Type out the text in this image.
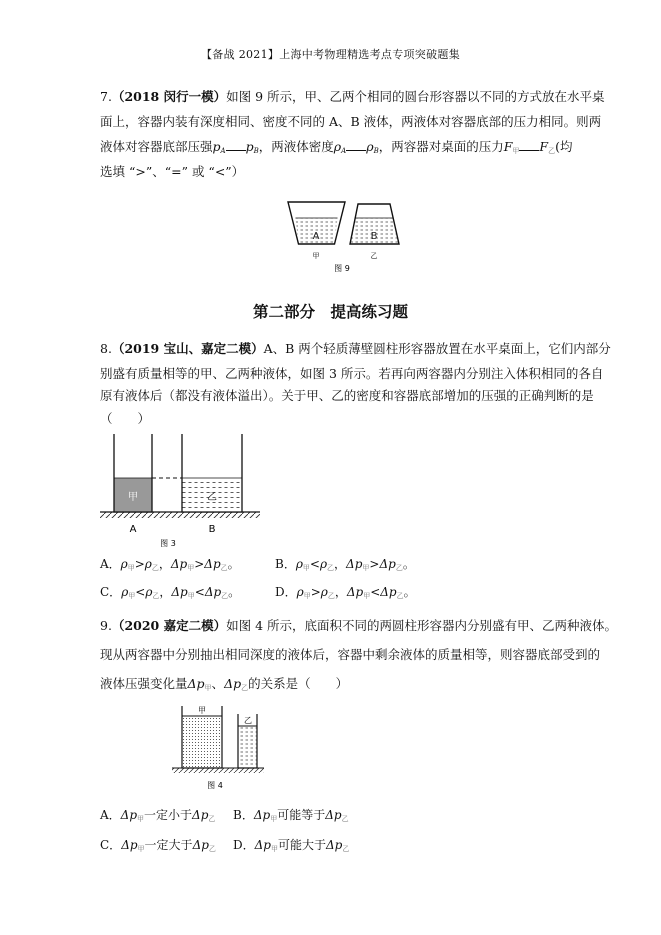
【备战 2021】上海中考物理精选考点专项突破题集
7.（2018 闵行一模）如图 9 所示，甲、乙两个相同的圆台形容器以不同的方式放在水平桌
面上，容器内装有深度相同、密度不同的 A、B 液体，两液体对容器底部的压力相同。则两
液体对容器底部压强pA pB，两液体密度ρA ρB，两容器对桌面的压力$F_甲$ $F_乙$(均
选填 “>”、“=” 或 “<”）
A	B
甲	乙
图 9
第二部分　提高练习题
8.（2019 宝山、嘉定二模）A、B 两个轻质薄壁圆柱形容器放置在水平桌面上，它们内部分
别盛有质量相等的甲、乙两种液体，如图 3 所示。若再向两容器内分别注入体积相同的各自
原有液体后（都没有液体溢出）。关于甲、乙的密度和容器底部增加的压强的正确判断的是
（　　）
甲	乙
A	B
图 3
A．$\rho_甲>\rho_乙$，$\Delta p_甲>\Delta p_乙$。	B．$\rho_甲<\rho_乙$，$\Delta p_甲>\Delta p_乙$。
C．$\rho_甲<\rho_乙$，$\Delta p_甲<\Delta p_乙$。	D．$\rho_甲>\rho_乙$，$\Delta p_甲<\Delta p_乙$。
9.（2020 嘉定二模）如图 4 所示，底面积不同的两圆柱形容器内分别盛有甲、乙两种液体。
现从两容器中分别抽出相同深度的液体后，容器中剩余液体的质量相等，则容器底部受到的
液体压强变化量$\Delta p_甲$、$\Delta p_乙$的关系是（　　）
甲
乙
图 4
A．$\Delta p_甲$一定小于$\Delta p_乙$ B．$\Delta p_甲$可能等于$\Delta p_乙$
C．$\Delta p_甲$一定大于$\Delta p_乙$ D．$\Delta p_甲$可能大于$\Delta p_乙$
